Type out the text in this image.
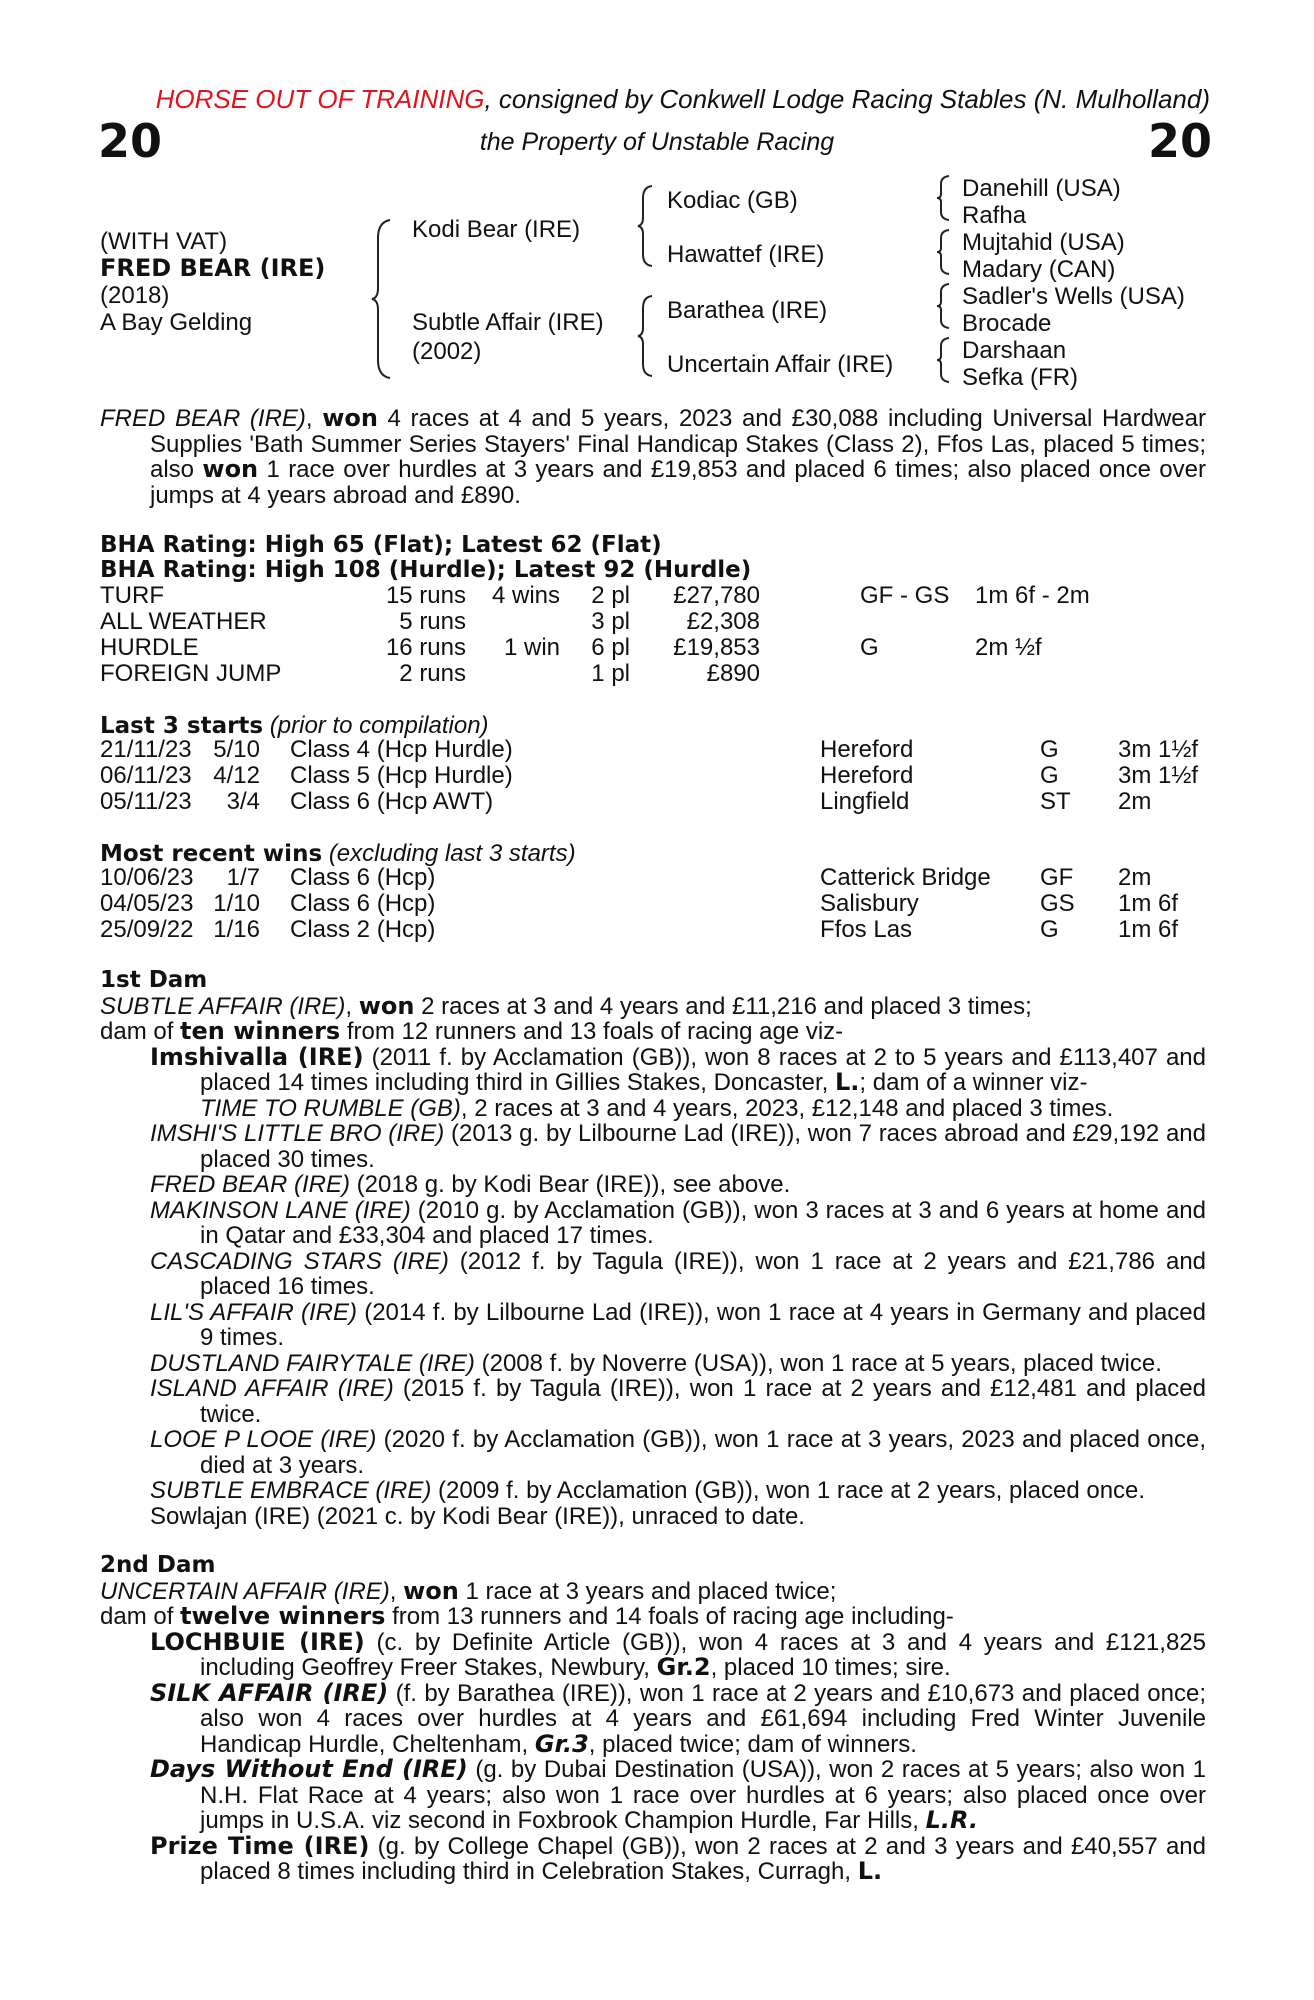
HORSE OUT OF TRAINING, consigned by Conkwell Lodge Racing Stables (N. Mulholland)
20	20
the Property of Unstable Racing
(WITH VAT)
FRED BEAR (IRE)
(2018)
A Bay Gelding
Kodi Bear (IRE)
Subtle Affair (IRE)
(2002)
Kodiac (GB)
Hawattef (IRE)
Barathea (IRE)
Uncertain Affair (IRE)
Danehill (USA)
Rafha
Mujtahid (USA)
Madary (CAN)
Sadler's Wells (USA)
Brocade
Darshaan
Sefka (FR)
FRED BEAR (IRE), won 4 races at 4 and 5 years, 2023 and £30,088 including Universal Hardwear Supplies 'Bath Summer Series Stayers' Final Handicap Stakes (Class 2), Ffos Las, placed 5 times; also won 1 race over hurdles at 3 years and £19,853 and placed 6 times; also placed once over jumps at 4 years abroad and £890.
BHA Rating: High 65 (Flat); Latest 62 (Flat)
BHA Rating: High 108 (Hurdle); Latest 92 (Hurdle)
TURF	15 runs	4 wins	2 pl	£27,780	GF - GS	1m 6f - 2m
ALL WEATHER	5 runs	3 pl	£2,308
HURDLE	16 runs	1 win	6 pl	£19,853	G	2m ½f
FOREIGN JUMP	2 runs	1 pl	£890
Last 3 starts (prior to compilation)
21/11/23 5/10 Class 4 (Hcp Hurdle)	Hereford	G	3m 1½f
06/11/23 4/12 Class 5 (Hcp Hurdle)	Hereford	G	3m 1½f
05/11/23	3/4 Class 6 (Hcp AWT)	Lingfield	ST	2m
Most recent wins (excluding last 3 starts)
10/06/23	1/7 Class 6 (Hcp)	Catterick Bridge	GF	2m
04/05/23 1/10 Class 6 (Hcp)	Salisbury	GS	1m 6f
25/09/22 1/16 Class 2 (Hcp)	Ffos Las	G	1m 6f
1st Dam
SUBTLE AFFAIR (IRE), won 2 races at 3 and 4 years and £11,216 and placed 3 times;
dam of ten winners from 12 runners and 13 foals of racing age viz-
Imshivalla (IRE) (2011 f. by Acclamation (GB)), won 8 races at 2 to 5 years and £113,407 and placed 14 times including third in Gillies Stakes, Doncaster, L.; dam of a winner viz-
TIME TO RUMBLE (GB), 2 races at 3 and 4 years, 2023, £12,148 and placed 3 times.
IMSHI'S LITTLE BRO (IRE) (2013 g. by Lilbourne Lad (IRE)), won 7 races abroad and £29,192 and placed 30 times.
FRED BEAR (IRE) (2018 g. by Kodi Bear (IRE)), see above.
MAKINSON LANE (IRE) (2010 g. by Acclamation (GB)), won 3 races at 3 and 6 years at home and in Qatar and £33,304 and placed 17 times.
CASCADING STARS (IRE) (2012 f. by Tagula (IRE)), won 1 race at 2 years and £21,786 and placed 16 times.
LIL'S AFFAIR (IRE) (2014 f. by Lilbourne Lad (IRE)), won 1 race at 4 years in Germany and placed 9 times.
DUSTLAND FAIRYTALE (IRE) (2008 f. by Noverre (USA)), won 1 race at 5 years, placed twice.
ISLAND AFFAIR (IRE) (2015 f. by Tagula (IRE)), won 1 race at 2 years and £12,481 and placed twice.
LOOE P LOOE (IRE) (2020 f. by Acclamation (GB)), won 1 race at 3 years, 2023 and placed once, died at 3 years.
SUBTLE EMBRACE (IRE) (2009 f. by Acclamation (GB)), won 1 race at 2 years, placed once.
Sowlajan (IRE) (2021 c. by Kodi Bear (IRE)), unraced to date.
2nd Dam
UNCERTAIN AFFAIR (IRE), won 1 race at 3 years and placed twice;
dam of twelve winners from 13 runners and 14 foals of racing age including-
LOCHBUIE (IRE) (c. by Definite Article (GB)), won 4 races at 3 and 4 years and £121,825 including Geoffrey Freer Stakes, Newbury, Gr.2, placed 10 times; sire.
SILK AFFAIR (IRE) (f. by Barathea (IRE)), won 1 race at 2 years and £10,673 and placed once; also won 4 races over hurdles at 4 years and £61,694 including Fred Winter Juvenile Handicap Hurdle, Cheltenham, Gr.3, placed twice; dam of winners.
Days Without End (IRE) (g. by Dubai Destination (USA)), won 2 races at 5 years; also won 1 N.H. Flat Race at 4 years; also won 1 race over hurdles at 6 years; also placed once over jumps in U.S.A. viz second in Foxbrook Champion Hurdle, Far Hills, L.R.
Prize Time (IRE) (g. by College Chapel (GB)), won 2 races at 2 and 3 years and £40,557 and placed 8 times including third in Celebration Stakes, Curragh, L.
